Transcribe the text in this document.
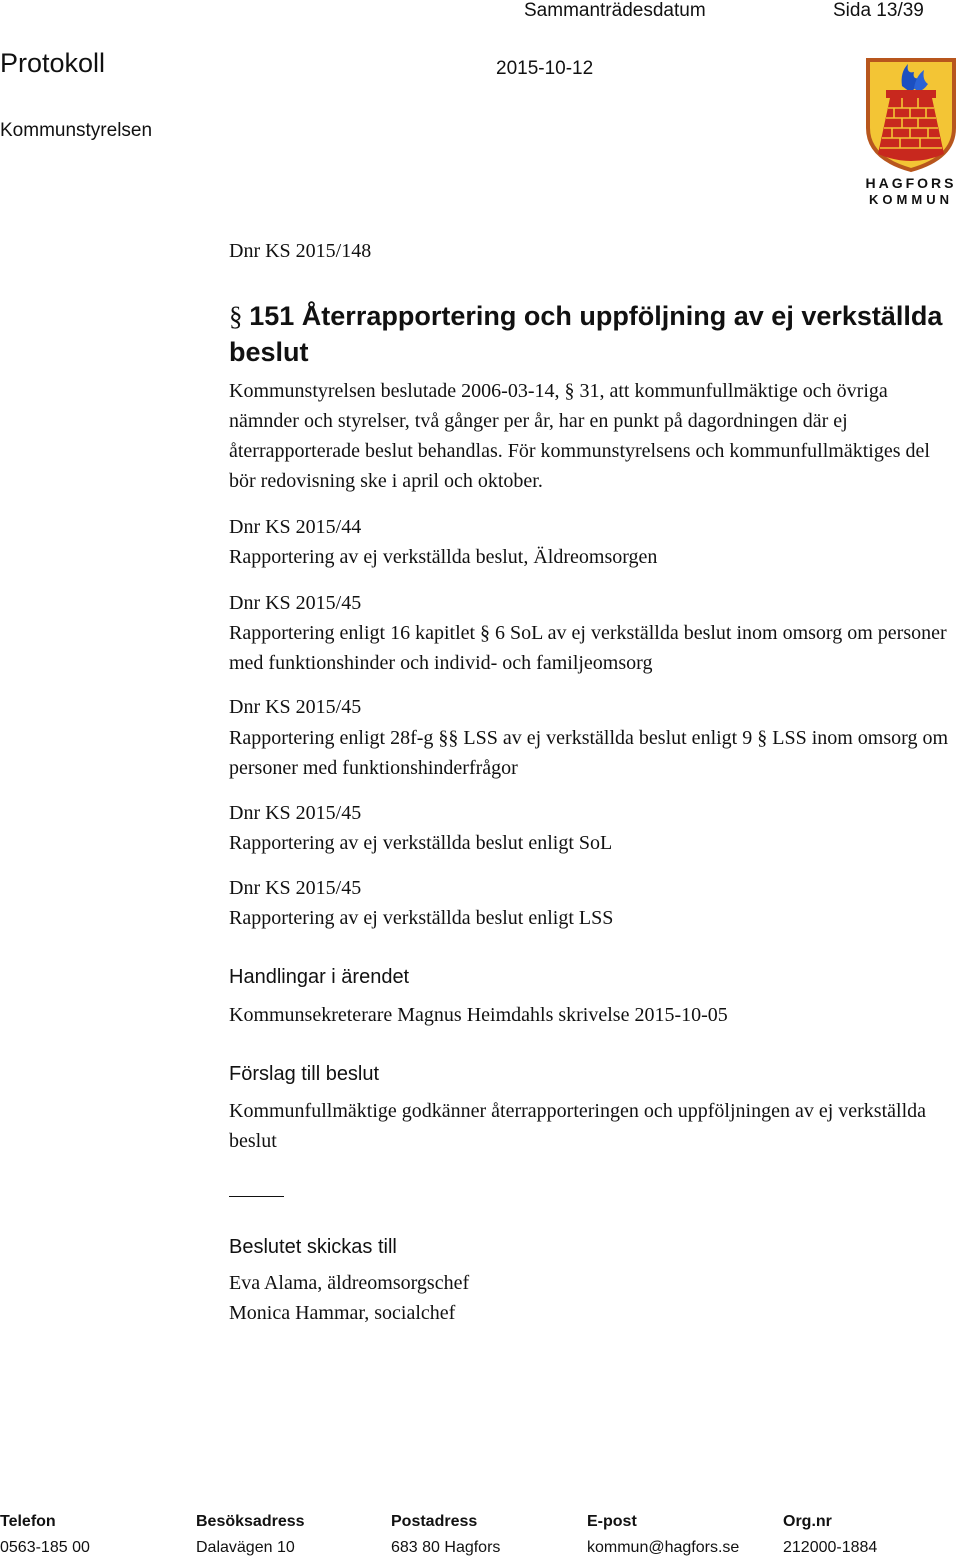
Sammanträdesdatum	Sida 13/39
Protokoll	2015-10-12
Kommunstyrelsen
HAGFORS
KOMMUN
Dnr KS 2015/148
§ 151 Återrapportering och uppföljning av ej verkställda beslut
Kommunstyrelsen beslutade 2006-03-14, § 31, att kommunfullmäktige och övriga nämnder och styrelser, två gånger per år, har en punkt på dagordningen där ej återrapporterade beslut behandlas. För kommunstyrelsens och kommunfullmäktiges del bör redovisning ske i april och oktober.
Dnr KS 2015/44
Rapportering av ej verkställda beslut, Äldreomsorgen
Dnr KS 2015/45
Rapportering enligt 16 kapitlet § 6 SoL av ej verkställda beslut inom omsorg om personer med funktionshinder och individ- och familjeomsorg
Dnr KS 2015/45
Rapportering enligt 28f-g §§ LSS av ej verkställda beslut enligt 9 § LSS inom omsorg om personer med funktionshinderfrågor
Dnr KS 2015/45
Rapportering av ej verkställda beslut enligt SoL
Dnr KS 2015/45
Rapportering av ej verkställda beslut enligt LSS
Handlingar i ärendet
Kommunsekreterare Magnus Heimdahls skrivelse 2015-10-05
Förslag till beslut
Kommunfullmäktige godkänner återrapporteringen och uppföljningen av ej verkställda beslut
Beslutet skickas till
Eva Alama, äldreomsorgschef
Monica Hammar, socialchef
Telefon	Besöksadress	Postadress	E-post	Org.nr
0563-185 00	Dalavägen 10	683 80 Hagfors	kommun@hagfors.se	212000-1884
